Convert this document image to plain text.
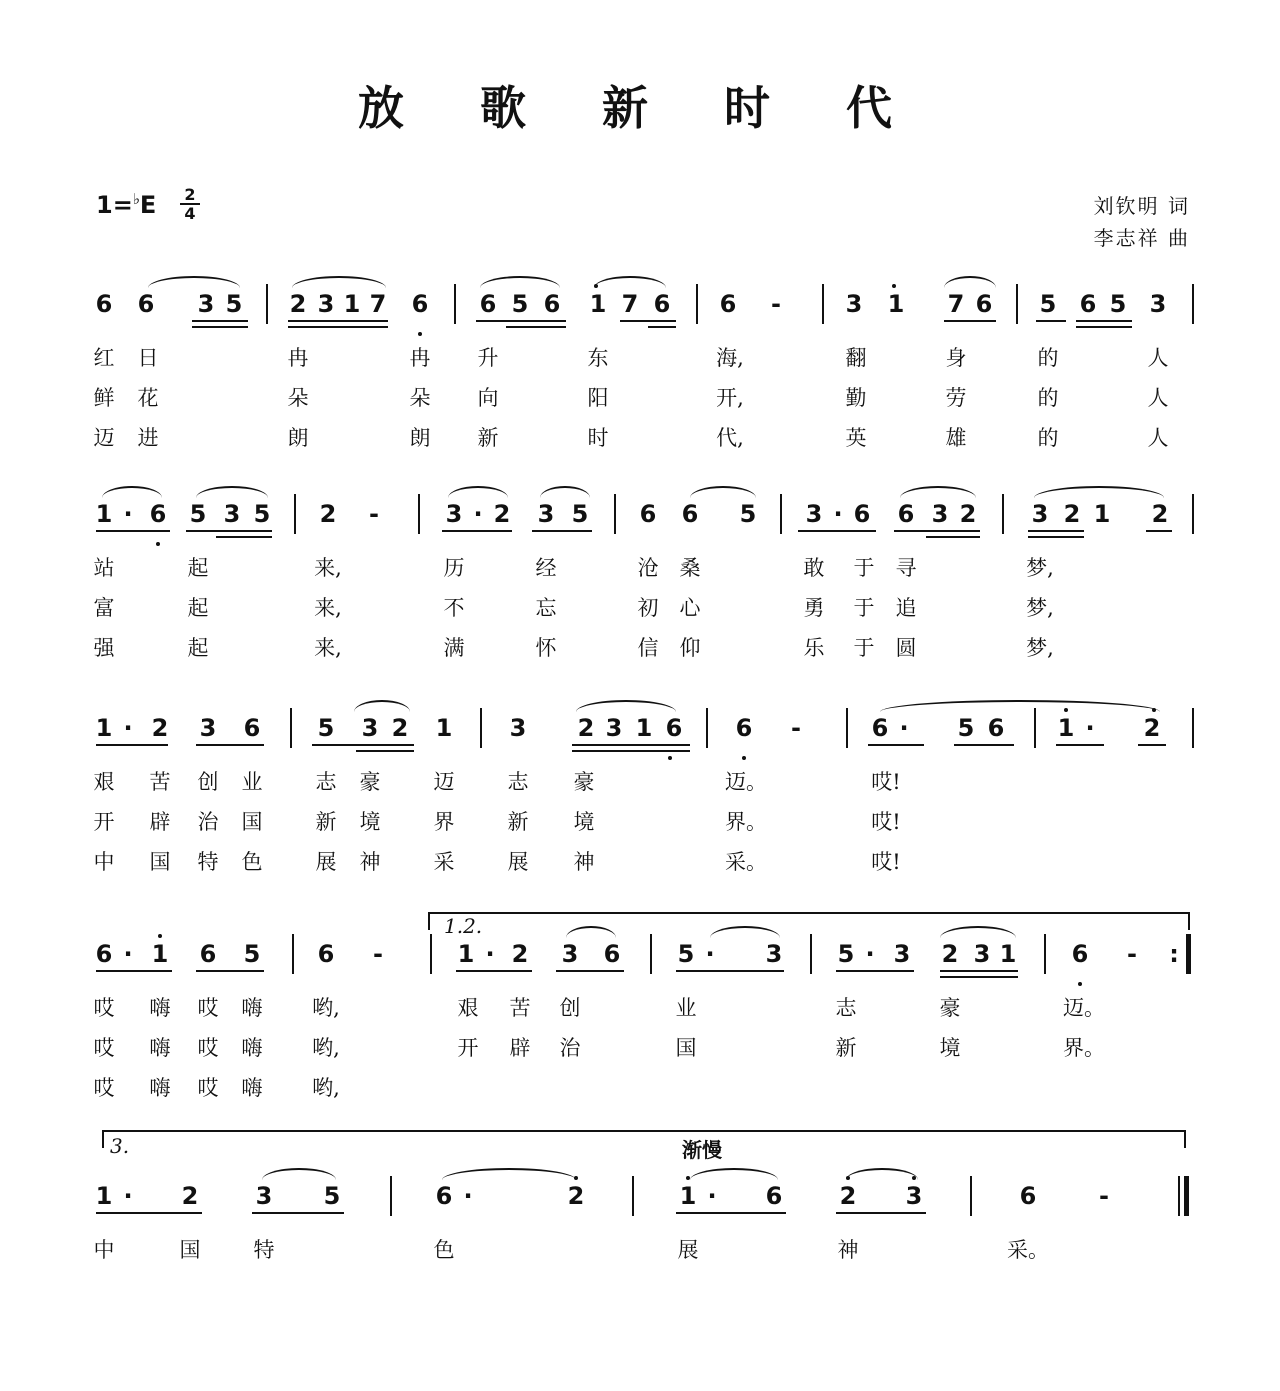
放 歌 新 时 代
$1=^♭E \frac{2}{4}$	刘钦明 词
李志祥 曲
6 6 3 5 2 3 1 7 6 6 5 6 1 7 6 6 -	3 1 7 6 5 6 5 3
红 日	冉	冉 升	东	海,	翻	身	的	人
鲜 花	朵	朵 向	阳	开,	勤	劳	的	人
迈 进	朗	朗 新	时	代,	英	雄	的	人
1 · 6 5 3 5 2 -	3 · 2 3 5 6 6 5 3 · 6 6 3 2 3 2 1 2
站	起	来,	历	经	沧 桑	敢 于 寻	梦,
富	起	来,	不	忘	初 心	勇 于 追	梦,
强	起	来,	满	怀	信 仰	乐 于 圆	梦,
1 · 2 3 6 5 3 2 1 3 2 3 1 6 6 -	6 · 5 6 1 · 2
艰 苦 创 业	志 豪	迈	志 豪	迈。	哎!
开 辟 治 国	新 境	界	新 境	界。	哎!
中 国 特 色	展 神	采	展 神	采。	哎!
6 · 1 6 5 6 -	1 · 2 3 6 5 · 3 5 · 3 2 3 1 6 - :
哎 嗨 哎 嗨 哟,	艰 苦 创	业	志	豪	迈。
哎 嗨 哎 嗨 哟,	开 辟 治	国	新	境	界。
哎 嗨 哎 嗨 哟,
1 · 2 3 5	6 ·	2	1 · 6 2 3	6	-
中	国	特	色	展	神	采。
1.2.
3.	渐慢
